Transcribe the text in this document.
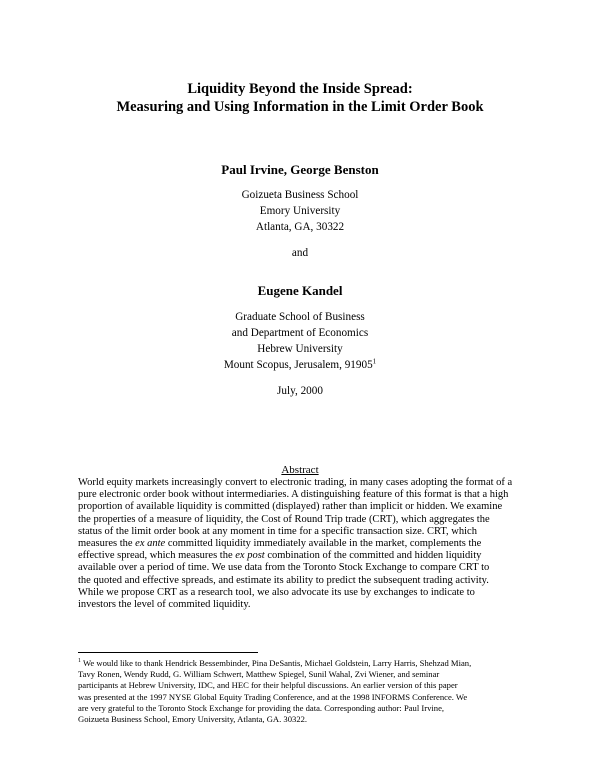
Liquidity Beyond the Inside Spread:
Measuring and Using Information in the Limit Order Book
Paul Irvine, George Benston
Goizueta Business School
Emory University
Atlanta, GA, 30322
and
Eugene Kandel
Graduate School of Business
and Department of Economics
Hebrew University
Mount Scopus, Jerusalem, 91905$^1$
July, 2000
Abstract
World equity markets increasingly convert to electronic trading, in many cases adopting the format of a
pure electronic order book without intermediaries. A distinguishing feature of this format is that a high
proportion of available liquidity is committed (displayed) rather than implicit or hidden. We examine
the properties of a measure of liquidity, the Cost of Round Trip trade (CRT), which aggregates the
status of the limit order book at any moment in time for a specific transaction size. CRT, which
measures the ex ante committed liquidity immediately available in the market, complements the
effective spread, which measures the ex post combination of the committed and hidden liquidity
available over a period of time. We use data from the Toronto Stock Exchange to compare CRT to
the quoted and effective spreads, and estimate its ability to predict the subsequent trading activity.
While we propose CRT as a research tool, we also advocate its use by exchanges to indicate to
investors the level of commited liquidity.
$^1$ We would like to thank Hendrick Bessembinder, Pina DeSantis, Michael Goldstein, Larry Harris, Shehzad Mian,
Tavy Ronen, Wendy Rudd, G. William Schwert, Matthew Spiegel, Sunil Wahal, Zvi Wiener, and seminar
participants at Hebrew University, IDC, and HEC for their helpful discussions. An earlier version of this paper
was presented at the 1997 NYSE Global Equity Trading Conference, and at the 1998 INFORMS Conference. We
are very grateful to the Toronto Stock Exchange for providing the data. Corresponding author: Paul Irvine,
Goizueta Business School, Emory University, Atlanta, GA. 30322.
